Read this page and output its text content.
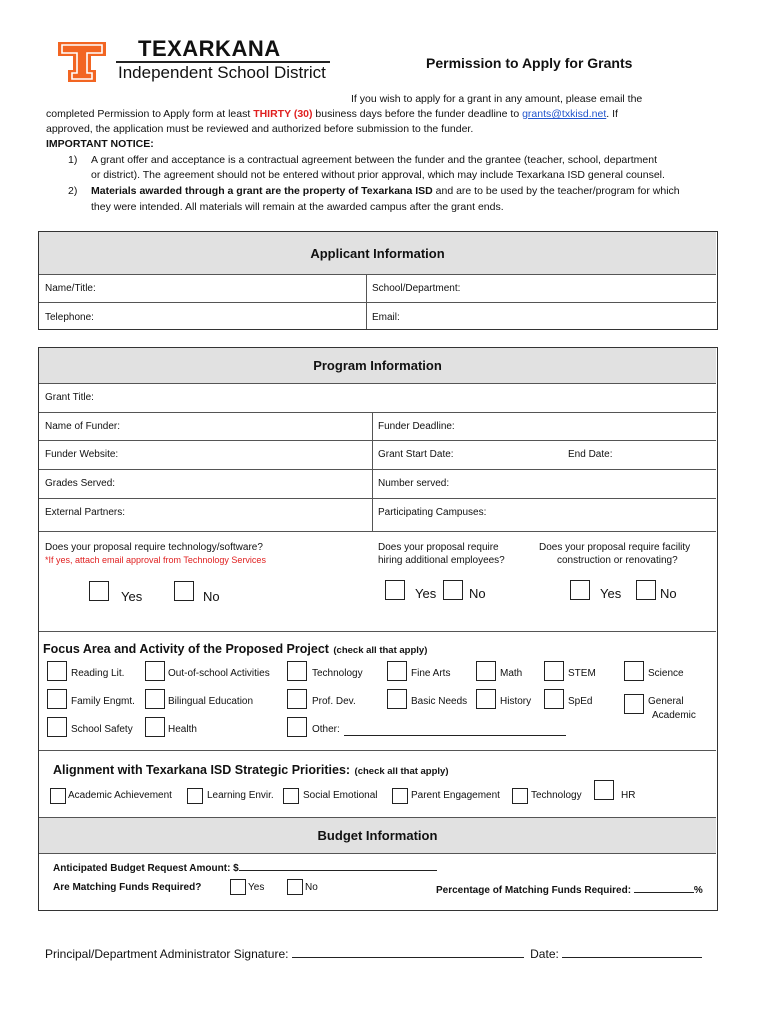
TEXARKANA
Independent School District	Permission to Apply for Grants
If you wish to apply for a grant in any amount, please email the
completed Permission to Apply form at least THIRTY (30) business days before the funder deadline to grants@txkisd.net. If
approved, the application must be reviewed and authorized before submission to the funder.
IMPORTANT NOTICE:
1) A grant offer and acceptance is a contractual agreement between the funder and the grantee (teacher, school, department
or district). The agreement should not be entered without prior approval, which may include Texarkana ISD general counsel.
2) Materials awarded through a grant are the property of Texarkana ISD and are to be used by the teacher/program for which
they were intended. All materials will remain at the awarded campus after the grant ends.
Applicant Information
Name/Title:	School/Department:
Telephone:	Email:
Program Information
Grant Title:
Name of Funder:	Funder Deadline:
Funder Website:	Grant Start Date:	End Date:
Grades Served:	Number served:
External Partners:	Participating Campuses:
Does your proposal require technology/software?
*If yes, attach email approval from Technology Services
Yes	No
Does your proposal require
hiring additional employees?
Yes	No
Does your proposal require facility
construction or renovating?
Yes	No
Focus Area and Activity of the Proposed Project (check all that apply)
Reading Lit.	Out-of-school Activities	Technology	Fine Arts	Math	STEM	Science
Family Engmt.	Bilingual Education	Prof. Dev.	Basic Needs	History	SpEd	General
Academic
School Safety	Health	Other:
Alignment with Texarkana ISD Strategic Priorities: (check all that apply)
Academic Achievement	Learning Envir.	Social Emotional	Parent Engagement	Technology	HR
Budget Information
Anticipated Budget Request Amount: $
Are Matching Funds Required?	Yes	No	Percentage of Matching Funds Required:	%
Principal/Department Administrator Signature:	Date:
